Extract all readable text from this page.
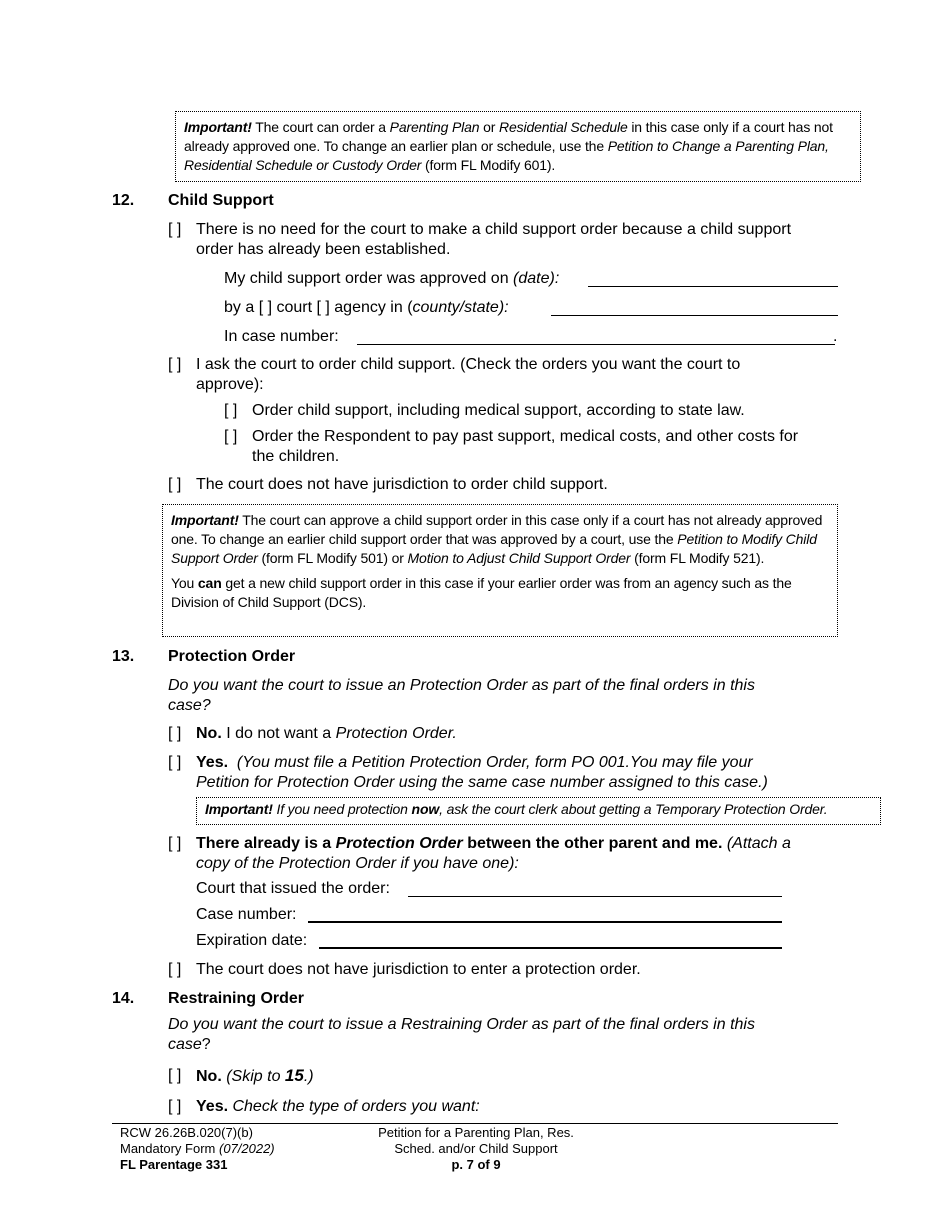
Important! The court can order a Parenting Plan or Residential Schedule in this case only if a court has not already approved one. To change an earlier plan or schedule, use the Petition to Change a Parenting Plan, Residential Schedule or Custody Order (form FL Modify 601).

12. Child Support
[ ] There is no need for the court to make a child support order because a child support
order has already been established.
My child support order was approved on (date):
by a [ ] court [ ] agency in (county/state):
In case number:	.
[ ] I ask the court to order child support. (Check the orders you want the court to
approve):
[ ] Order child support, including medical support, according to state law.
[ ] Order the Respondent to pay past support, medical costs, and other costs for
the children.
[ ] The court does not have jurisdiction to order child support.

Important! The court can approve a child support order in this case only if a court has not already approved one. To change an earlier child support order that was approved by a court, use the Petition to Modify Child Support Order (form FL Modify 501) or Motion to Adjust Child Support Order (form FL Modify 521).

You can get a new child support order in this case if your earlier order was from an agency such as the Division of Child Support (DCS).

13. Protection Order
Do you want the court to issue an Protection Order as part of the final orders in this
case?
[ ] No. I do not want a Protection Order.
[ ] Yes. (You must file a Petition Protection Order, form PO 001.You may file your
Petition for Protection Order using the same case number assigned to this case.)

Important! If you need protection now, ask the court clerk about getting a Temporary Protection Order.

[ ] There already is a Protection Order between the other parent and me. (Attach a
copy of the Protection Order if you have one):
Court that issued the order:
Case number:
Expiration date:
[ ] The court does not have jurisdiction to enter a protection order.
14. Restraining Order
Do you want the court to issue a Restraining Order as part of the final orders in this
case?
[ ] No. (Skip to 15.)
[ ] Yes. Check the type of orders you want:
RCW 26.26B.020(7)(b)
Mandatory Form (07/2022)
FL Parentage 331
Petition for a Parenting Plan, Res.
Sched. and/or Child Support
p. 7 of 9
